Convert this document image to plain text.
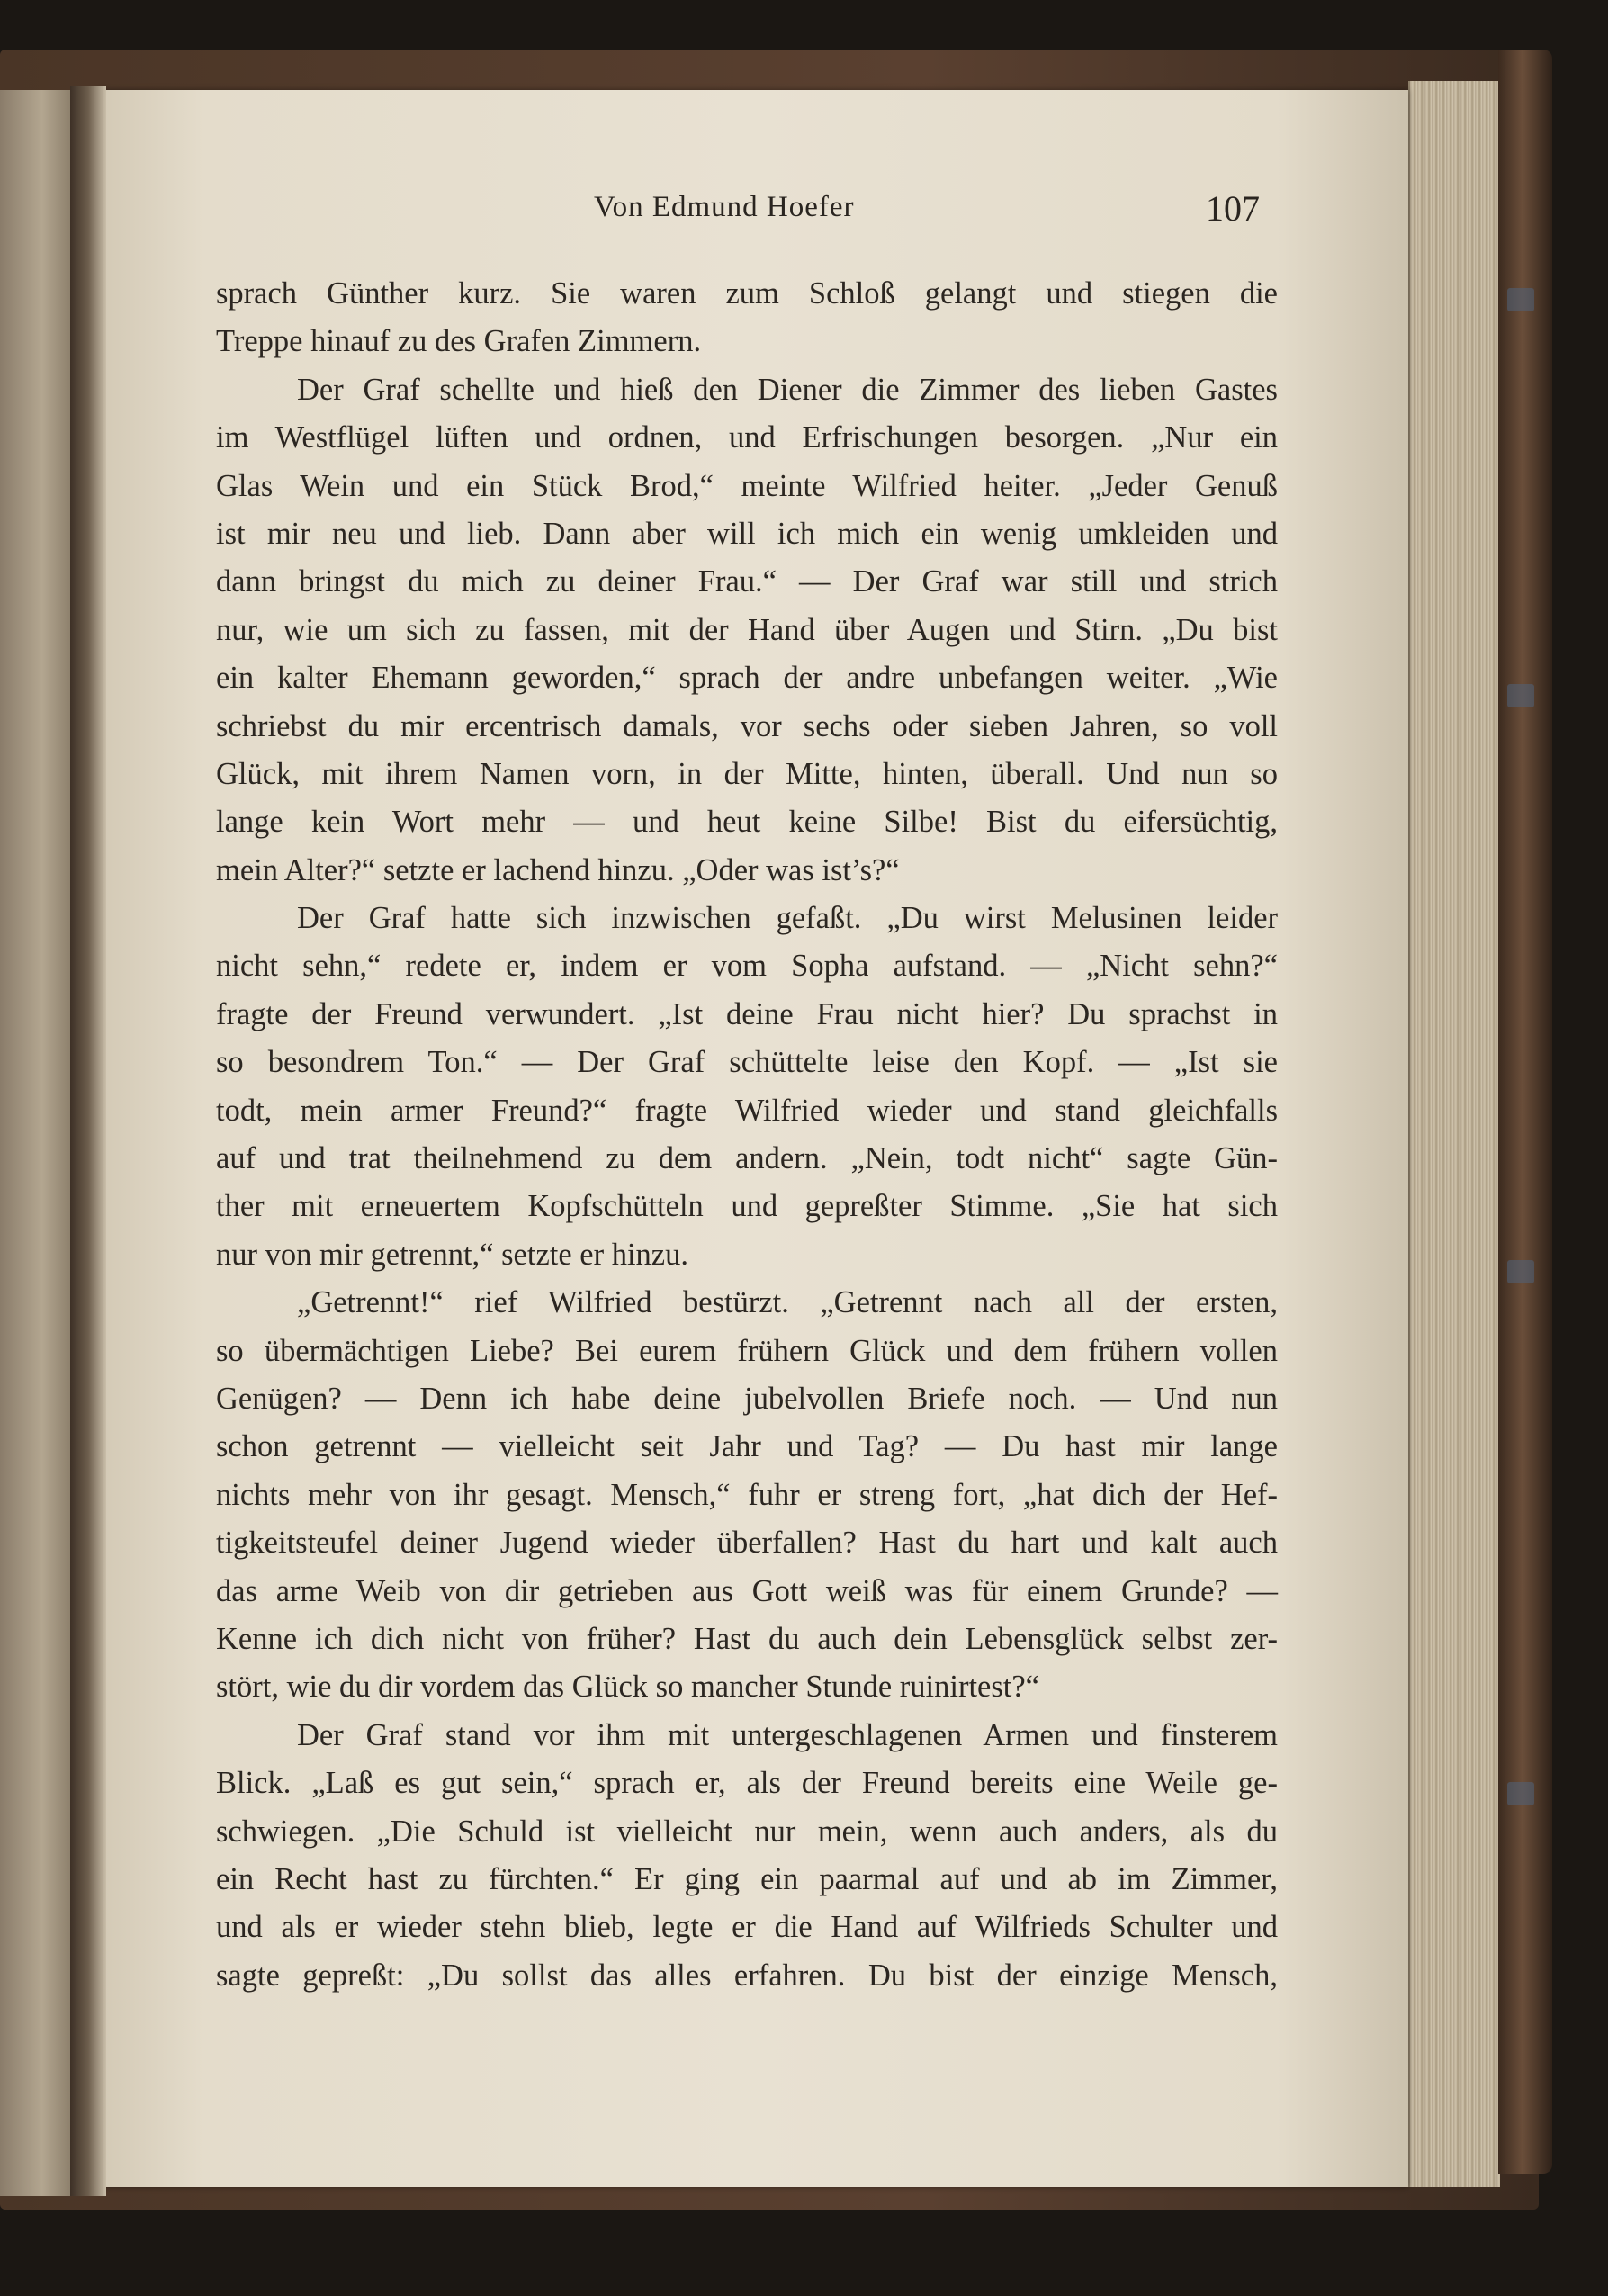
Von Edmund Hoefer	107
sprach Günther kurz. Sie waren zum Schloß gelangt und stiegen die
Treppe hinauf zu des Grafen Zimmern.
Der Graf schellte und hieß den Diener die Zimmer des lieben Gastes
im Westflügel lüften und ordnen, und Erfrischungen besorgen. „Nur ein
Glas Wein und ein Stück Brod,“ meinte Wilfried heiter. „Jeder Genuß
ist mir neu und lieb. Dann aber will ich mich ein wenig umkleiden und
dann bringst du mich zu deiner Frau.“ — Der Graf war still und strich
nur, wie um sich zu fassen, mit der Hand über Augen und Stirn. „Du bist
ein kalter Ehemann geworden,“ sprach der andre unbefangen weiter. „Wie
schriebst du mir ercentrisch damals, vor sechs oder sieben Jahren, so voll
Glück, mit ihrem Namen vorn, in der Mitte, hinten, überall. Und nun so
lange kein Wort mehr — und heut keine Silbe! Bist du eifersüchtig,
mein Alter?“ setzte er lachend hinzu. „Oder was ist’s?“
Der Graf hatte sich inzwischen gefaßt. „Du wirst Melusinen leider
nicht sehn,“ redete er, indem er vom Sopha aufstand. — „Nicht sehn?“
fragte der Freund verwundert. „Ist deine Frau nicht hier? Du sprachst in
so besondrem Ton.“ — Der Graf schüttelte leise den Kopf. — „Ist sie
todt, mein armer Freund?“ fragte Wilfried wieder und stand gleichfalls
auf und trat theilnehmend zu dem andern. „Nein, todt nicht“ sagte Gün-
ther mit erneuertem Kopfschütteln und gepreßter Stimme. „Sie hat sich
nur von mir getrennt,“ setzte er hinzu.
„Getrennt!“ rief Wilfried bestürzt. „Getrennt nach all der ersten,
so übermächtigen Liebe? Bei eurem frühern Glück und dem frühern vollen
Genügen? — Denn ich habe deine jubelvollen Briefe noch. — Und nun
schon getrennt — vielleicht seit Jahr und Tag? — Du hast mir lange
nichts mehr von ihr gesagt. Mensch,“ fuhr er streng fort, „hat dich der Hef-
tigkeitsteufel deiner Jugend wieder überfallen? Hast du hart und kalt auch
das arme Weib von dir getrieben aus Gott weiß was für einem Grunde? —
Kenne ich dich nicht von früher? Hast du auch dein Lebensglück selbst zer-
stört, wie du dir vordem das Glück so mancher Stunde ruinirtest?“
Der Graf stand vor ihm mit untergeschlagenen Armen und finsterem
Blick. „Laß es gut sein,“ sprach er, als der Freund bereits eine Weile ge-
schwiegen. „Die Schuld ist vielleicht nur mein, wenn auch anders, als du
ein Recht hast zu fürchten.“ Er ging ein paarmal auf und ab im Zimmer,
und als er wieder stehn blieb, legte er die Hand auf Wilfrieds Schulter und
sagte gepreßt: „Du sollst das alles erfahren. Du bist der einzige Mensch,
